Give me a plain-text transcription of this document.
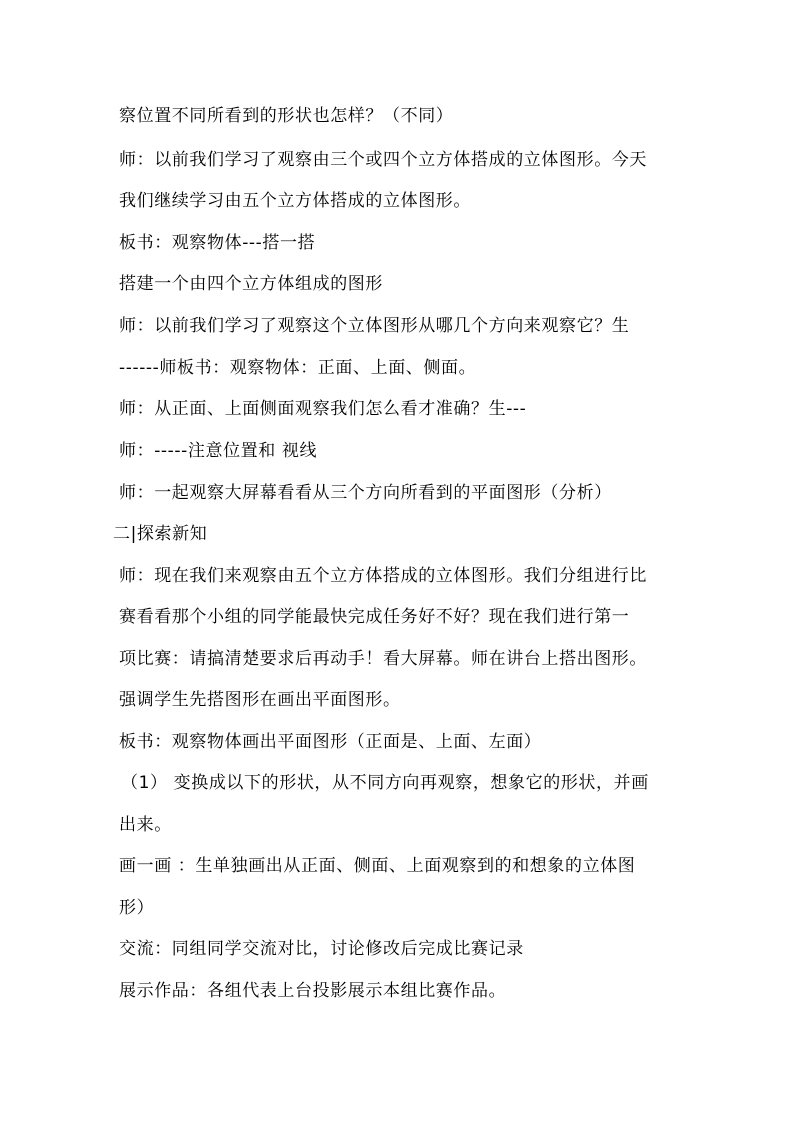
察位置不同所看到的形状也怎样？（不同）
师：以前我们学习了观察由三个或四个立方体搭成的立体图形。今天
我们继续学习由五个立方体搭成的立体图形。
板书：观察物体---搭一搭
搭建一个由四个立方体组成的图形
师：以前我们学习了观察这个立体图形从哪几个方向来观察它？生
------师板书：观察物体：正面、上面、侧面。
师：从正面、上面侧面观察我们怎么看才准确？生---
师：-----注意位置和 视线
师：一起观察大屏幕看看从三个方向所看到的平面图形（分析）
二|探索新知
师：现在我们来观察由五个立方体搭成的立体图形。我们分组进行比
赛看看那个小组的同学能最快完成任务好不好？现在我们进行第一
项比赛：请搞清楚要求后再动手！看大屏幕。师在讲台上搭出图形。
强调学生先搭图形在画出平面图形。
板书：观察物体画出平面图形（正面是、上面、左面）
（1） 变换成以下的形状，从不同方向再观察，想象它的形状，并画
出来。
画一画 ：生单独画出从正面、侧面、上面观察到的和想象的立体图
形）
交流：同组同学交流对比，讨论修改后完成比赛记录
展示作品：各组代表上台投影展示本组比赛作品。
